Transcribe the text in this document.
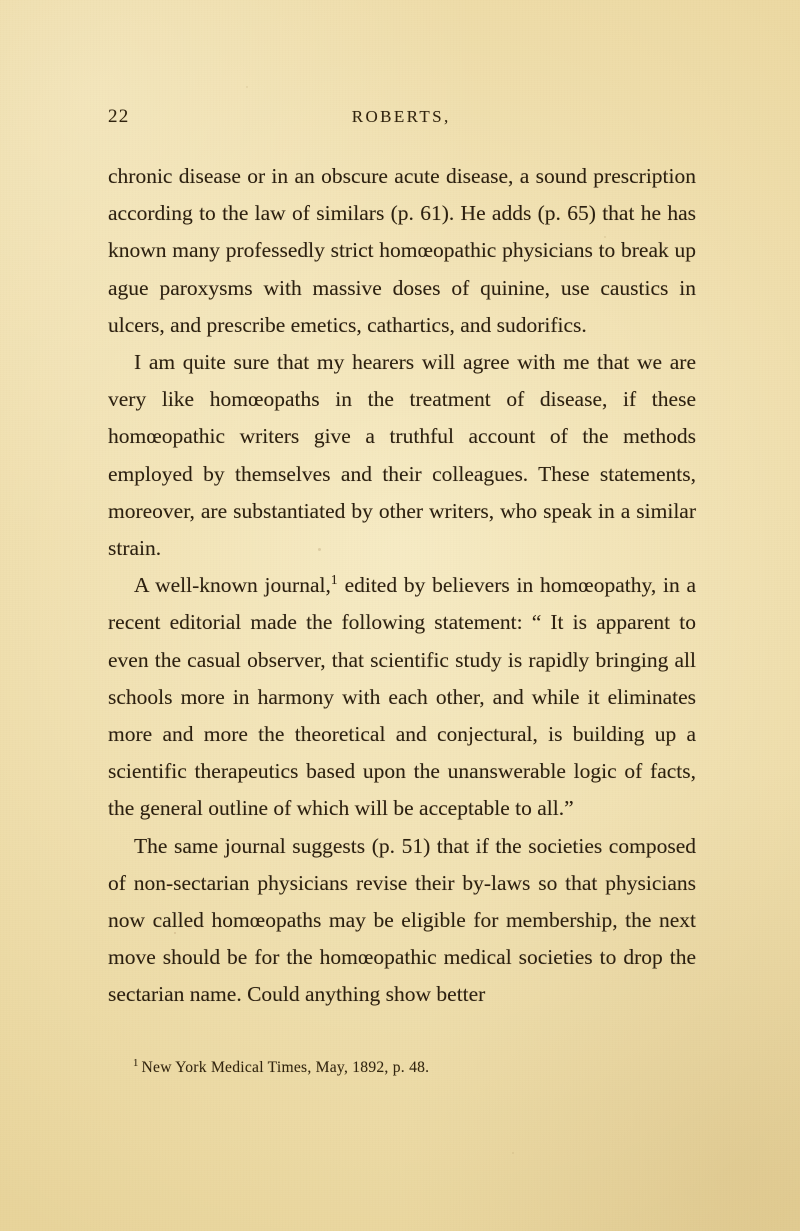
22	ROBERTS,

chronic disease or in an obscure acute disease, a sound prescription according to the law of similars (p. 61). He adds (p. 65) that he has known many professedly strict homœopathic physicians to break up ague paroxysms with massive doses of quinine, use caustics in ulcers, and prescribe emetics, cathartics, and sudorifics.

I am quite sure that my hearers will agree with me that we are very like homœopaths in the treatment of disease, if these homœopathic writers give a truthful account of the methods employed by themselves and their colleagues. These statements, moreover, are substantiated by other writers, who speak in a similar strain.

A well-known journal,$^1$ edited by believers in homœopathy, in a recent editorial made the following statement: “ It is apparent to even the casual observer, that scientific study is rapidly bringing all schools more in harmony with each other, and while it eliminates more and more the theoretical and conjectural, is building up a scientific therapeutics based upon the unanswerable logic of facts, the general outline of which will be acceptable to all.”

The same journal suggests (p. 51) that if the societies composed of non-sectarian physicians revise their by-laws so that physicians now called homœopaths may be eligible for membership, the next move should be for the homœopathic medical societies to drop the sectarian name. Could anything show better

$^1$ New York Medical Times, May, 1892, p. 48.
